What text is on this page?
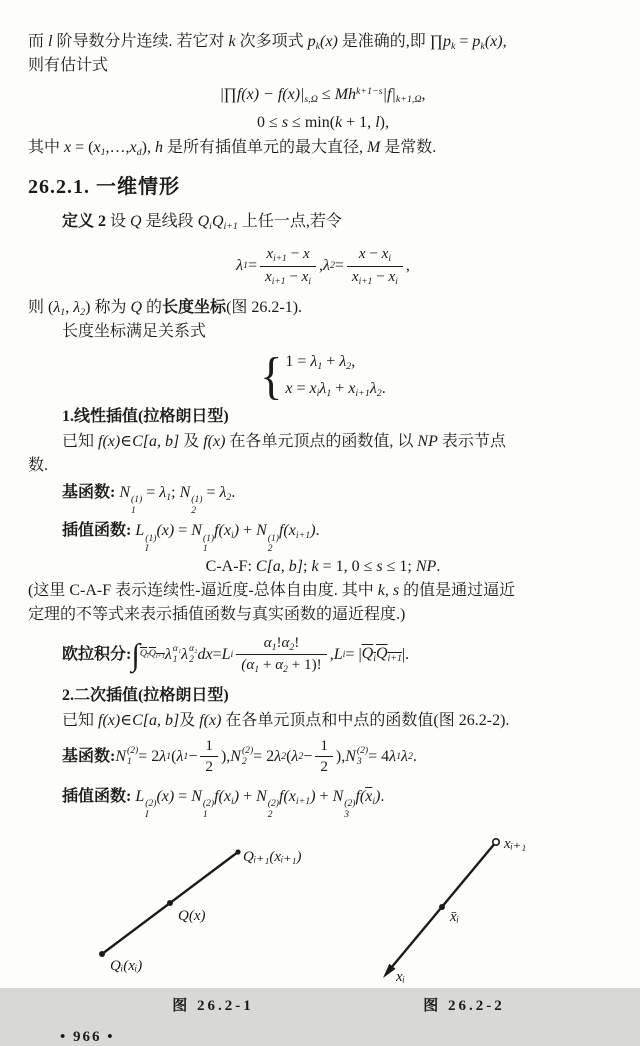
而 l 阶导数分片连续. 若它对 k 次多项式 $p_k(x)$ 是准确的,即 $\prod p_k = p_k(x)$,
则有估计式
|∏f(x) − $f(x)|_{s,\Omega} \le Mh^{k+1-s}|f|_{k+1,\Omega}$,
0 ≤ s ≤ min(k + 1, l),
其中 $x = (x_1,\dots,x_d)$, h 是所有插值单元的最大直径, M 是常数.
26.2.1. 一维情形
定义 2 设 Q 是线段 $Q_iQ_{i+1}$ 上任一点,若令
λ $1 = \frac{x_{i+1} - x}{x_{i+1} - x_i}$ , λ $2 = \frac{x - x_i}{x_{i+1} - x_i}$ ,
则 ($\lambda_1$, $\lambda_2$) 称为 Q 的长度坐标(图 26.2-1).
长度坐标满足关系式
{ $1 = \lambda_1 + \lambda_2$,
$x = x_i\lambda_1 + x_{i+1}\lambda_2$.
1.线性插值(拉格朗日型)
已知 f(x)∈C[a, b] 及 f(x) 在各单元顶点的函数值, 以 NP 表示节点
数.
基函数: N (1)
1
= $\lambda_1$; N (1)
2
= $\lambda_2$.
插值函数: L (1)
I
(x) = N (1)
1
$f(x_i) + N$ (1)
2
$f(x_{i+1})$.
C-A-F: C[a, b]; k = 1, 0 ≤ s ≤ 1; NP.
(这里 C-A-F 表示连续性-逼近度-总体自由度. 其中 k, s 的值是通过逼近
定理的不等式来表示插值函数与真实函数的逼近程度.)
欧拉积分: ∫ $Q_iQ_{i+1}$ λ α₁
1 λ α₂
2 dx = L i $\frac{\alpha_1!\alpha_2!}{(\alpha_1 + \alpha_2 + 1)!}$ , L i = | $Q_iQ_{i+1}$ |.
2.二次插值(拉格朗日型)
已知 f(x)∈C[a, b]及 f(x) 在各单元顶点和中点的函数值(图 26.2-2).
基函数: N (2)
1 = 2 λ 1 ( λ $1 - \frac{1}{2}$ ) , N (2)
2 = 2 λ 2 ( λ $2 - \frac{1}{2}$ ) , N (2)
3 = 4 λ 1 λ 2 .
插值函数: L (2)
I
(x) = N (2)
1
$f(x_i) + N$ (2)
2
$f(x_{i+1}) + N$ (2)
3
$f(\overline{x}_i)$.
Qᵢ₊₁(xᵢ₊₁)
Q(x)
Qᵢ(xᵢ)
图 26.2-1
xᵢ₊₁
x̄ᵢ
xᵢ
图 26.2-2
• 966 •
